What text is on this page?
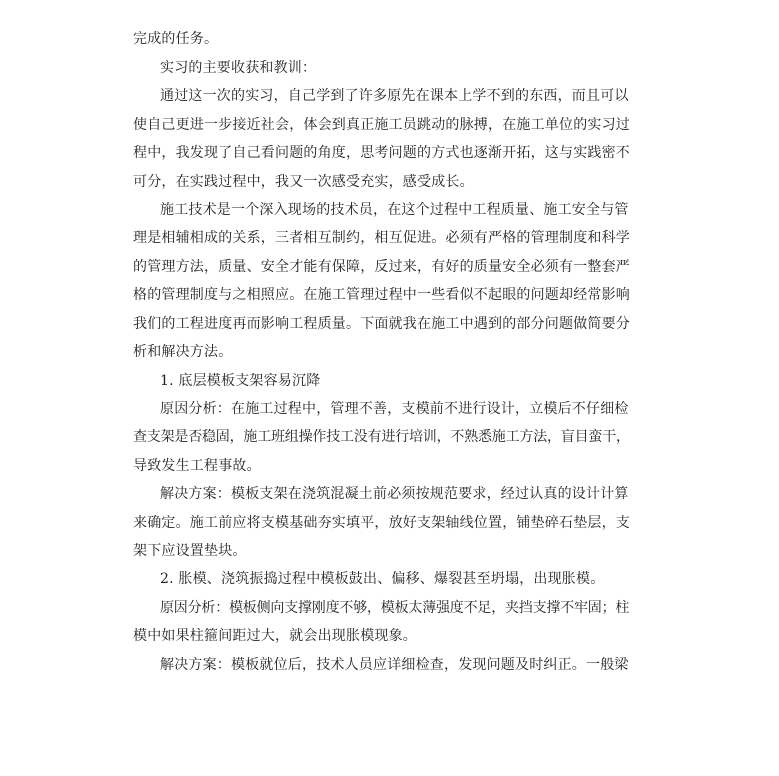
完成的任务。
实习的主要收获和教训：
通过这一次的实习，自己学到了许多原先在课本上学不到的东西，而且可以
使自己更进一步接近社会，体会到真正施工员跳动的脉搏，在施工单位的实习过
程中，我发现了自己看问题的角度，思考问题的方式也逐渐开拓，这与实践密不
可分，在实践过程中，我又一次感受充实，感受成长。
施工技术是一个深入现场的技术员，在这个过程中工程质量、施工安全与管
理是相辅相成的关系，三者相互制约，相互促进。必须有严格的管理制度和科学
的管理方法，质量、安全才能有保障，反过来，有好的质量安全必须有一整套严
格的管理制度与之相照应。在施工管理过程中一些看似不起眼的问题却经常影响
我们的工程进度再而影响工程质量。下面就我在施工中遇到的部分问题做简要分
析和解决方法。
1. 底层模板支架容易沉降
原因分析：在施工过程中，管理不善，支模前不进行设计，立模后不仔细检
查支架是否稳固，施工班组操作技工没有进行培训，不熟悉施工方法，盲目蛮干，
导致发生工程事故。
解决方案：模板支架在浇筑混凝土前必须按规范要求，经过认真的设计计算
来确定。施工前应将支模基础夯实填平，放好支架轴线位置，铺垫碎石垫层，支
架下应设置垫块。
2. 胀模、浇筑振捣过程中模板鼓出、偏移、爆裂甚至坍塌，出现胀模。
原因分析：模板侧向支撑刚度不够，模板太薄强度不足，夹挡支撑不牢固；柱
模中如果柱箍间距过大，就会出现胀模现象。
解决方案：模板就位后，技术人员应详细检查，发现问题及时纠正。一般梁
